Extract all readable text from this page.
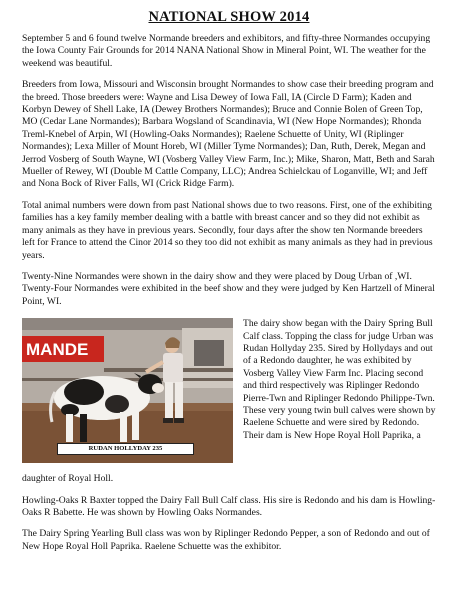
NATIONAL SHOW 2014

September 5 and 6 found twelve Normande breeders and exhibitors, and fifty-three Normandes occupying the Iowa County Fair Grounds for 2014 NANA National Show in Mineral Point, WI. The weather for the weekend was beautiful.

Breeders from Iowa, Missouri and Wisconsin brought Normandes to show case their breeding program and the breed. Those breeders were: Wayne and Lisa Dewey of Iowa Fall, IA (Circle D Farm); Kaden and Korbyn Dewey of Shell Lake, IA (Dewey Brothers Normandes); Bruce and Connie Bolen of Green Top, MO (Cedar Lane Normandes); Barbara Wogsland of Scandinavia, WI (New Hope Normandes); Rhonda Treml-Knebel of Arpin, WI (Howling-Oaks Normandes); Raelene Schuette of Unity, WI (Riplinger Normandes); Lexa Miller of Mount Horeb, WI (Miller Tyme Normandes); Dan, Ruth, Derek, Megan and Jerrod Vosberg of South Wayne, WI (Vosberg Valley View Farm, Inc.); Mike, Sharon, Matt, Beth and Sarah Mueller of Rewey, WI (Double M Cattle Company, LLC); Andrea Schielckau of Loganville, WI; and Jeff and Nona Bock of River Falls, WI (Crick Ridge Farm).

Total animal numbers were down from past National shows due to two reasons. First, one of the exhibiting families has a key family member dealing with a battle with breast cancer and so they did not exhibit as many animals as they have in previous years. Secondly, four days after the show ten Normande breeders left for France to attend the Cinor 2014 so they too did not exhibit as many animals as they had in previous years.

Twenty-Nine Normandes were shown in the dairy show and they were placed by Doug Urban of ,WI. Twenty-Four Normandes were exhibited in the beef show and they were judged by Ken Hartzell of Mineral Point, WI.

MANDE
RUDAN HOLLYDAY 235

The dairy show began with the Dairy Spring Bull Calf class. Topping the class for judge Urban was Rudan Hollyday 235. Sired by Hollydays and out of a Redondo daughter, he was exhibited by Vosberg Valley View Farm Inc. Placing second and third respectively was Riplinger Redondo Pierre-Twn and Riplinger Redondo Philippe-Twn. These very young twin bull calves were shown by Raelene Schuette and were sired by Redondo. Their dam is New Hope Royal Holl Paprika, a

daughter of Royal Holl.

Howling-Oaks R Baxter topped the Dairy Fall Bull Calf class. His sire is Redondo and his dam is Howling-Oaks R Babette. He was shown by Howling Oaks Normandes.

The Dairy Spring Yearling Bull class was won by Riplinger Redondo Pepper, a son of Redondo and out of New Hope Royal Holl Paprika. Raelene Schuette was the exhibitor.
